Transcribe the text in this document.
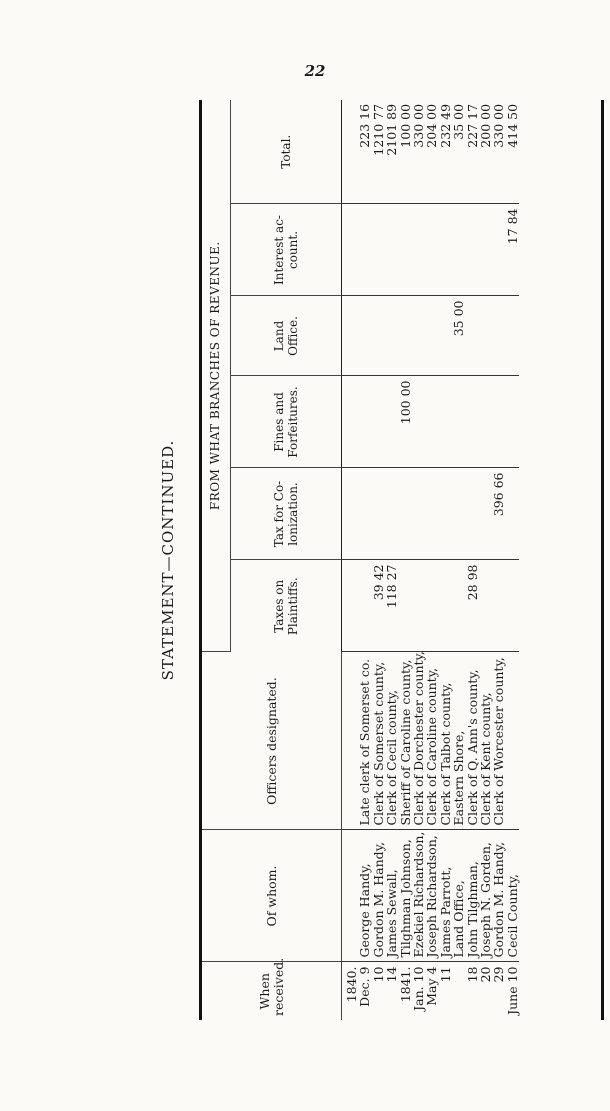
22
STATEMENT—CONTINUED.
When received.	Of whom.	Officers designated.	FROM WHAT BRANCHES OF REVENUE.					
			Taxes on Plaintiffs.	Tax for Co-lonization.	Fines and Forfeitures.	Land Office.	Interest ac-count.	Total.
1840.								
Dec. 9	George Handy,	Late clerk of Somerset co.						223 16
10	Gordon M. Handy,	Clerk of Somerset county,	39 42					1210 77
14	James Sewall,	Clerk of Cecil county,	118 27					2101 89
1841.	Tilghman Johnson,	Sheriff of Caroline county,			100 00			100 00
Jan. 10	Ezekiel Richardson,	Clerk of Dorchester county,						330 00
May 4	Joseph Richardson,	Clerk of Caroline county,						204 00
11	James Parrott,	Clerk of Talbot county,						232 49
	Land Office,	Eastern Shore,				35 00		35 00
18	John Tilghman,	Clerk of Q. Ann's county,	28 98					227 17
20	Joseph N. Gorden,	Clerk of Kent county,						200 00
29	Gordon M. Handy,	Clerk of Worcester county,		396 66				330 00
June 10	Cecil County,						17 84	414 50
